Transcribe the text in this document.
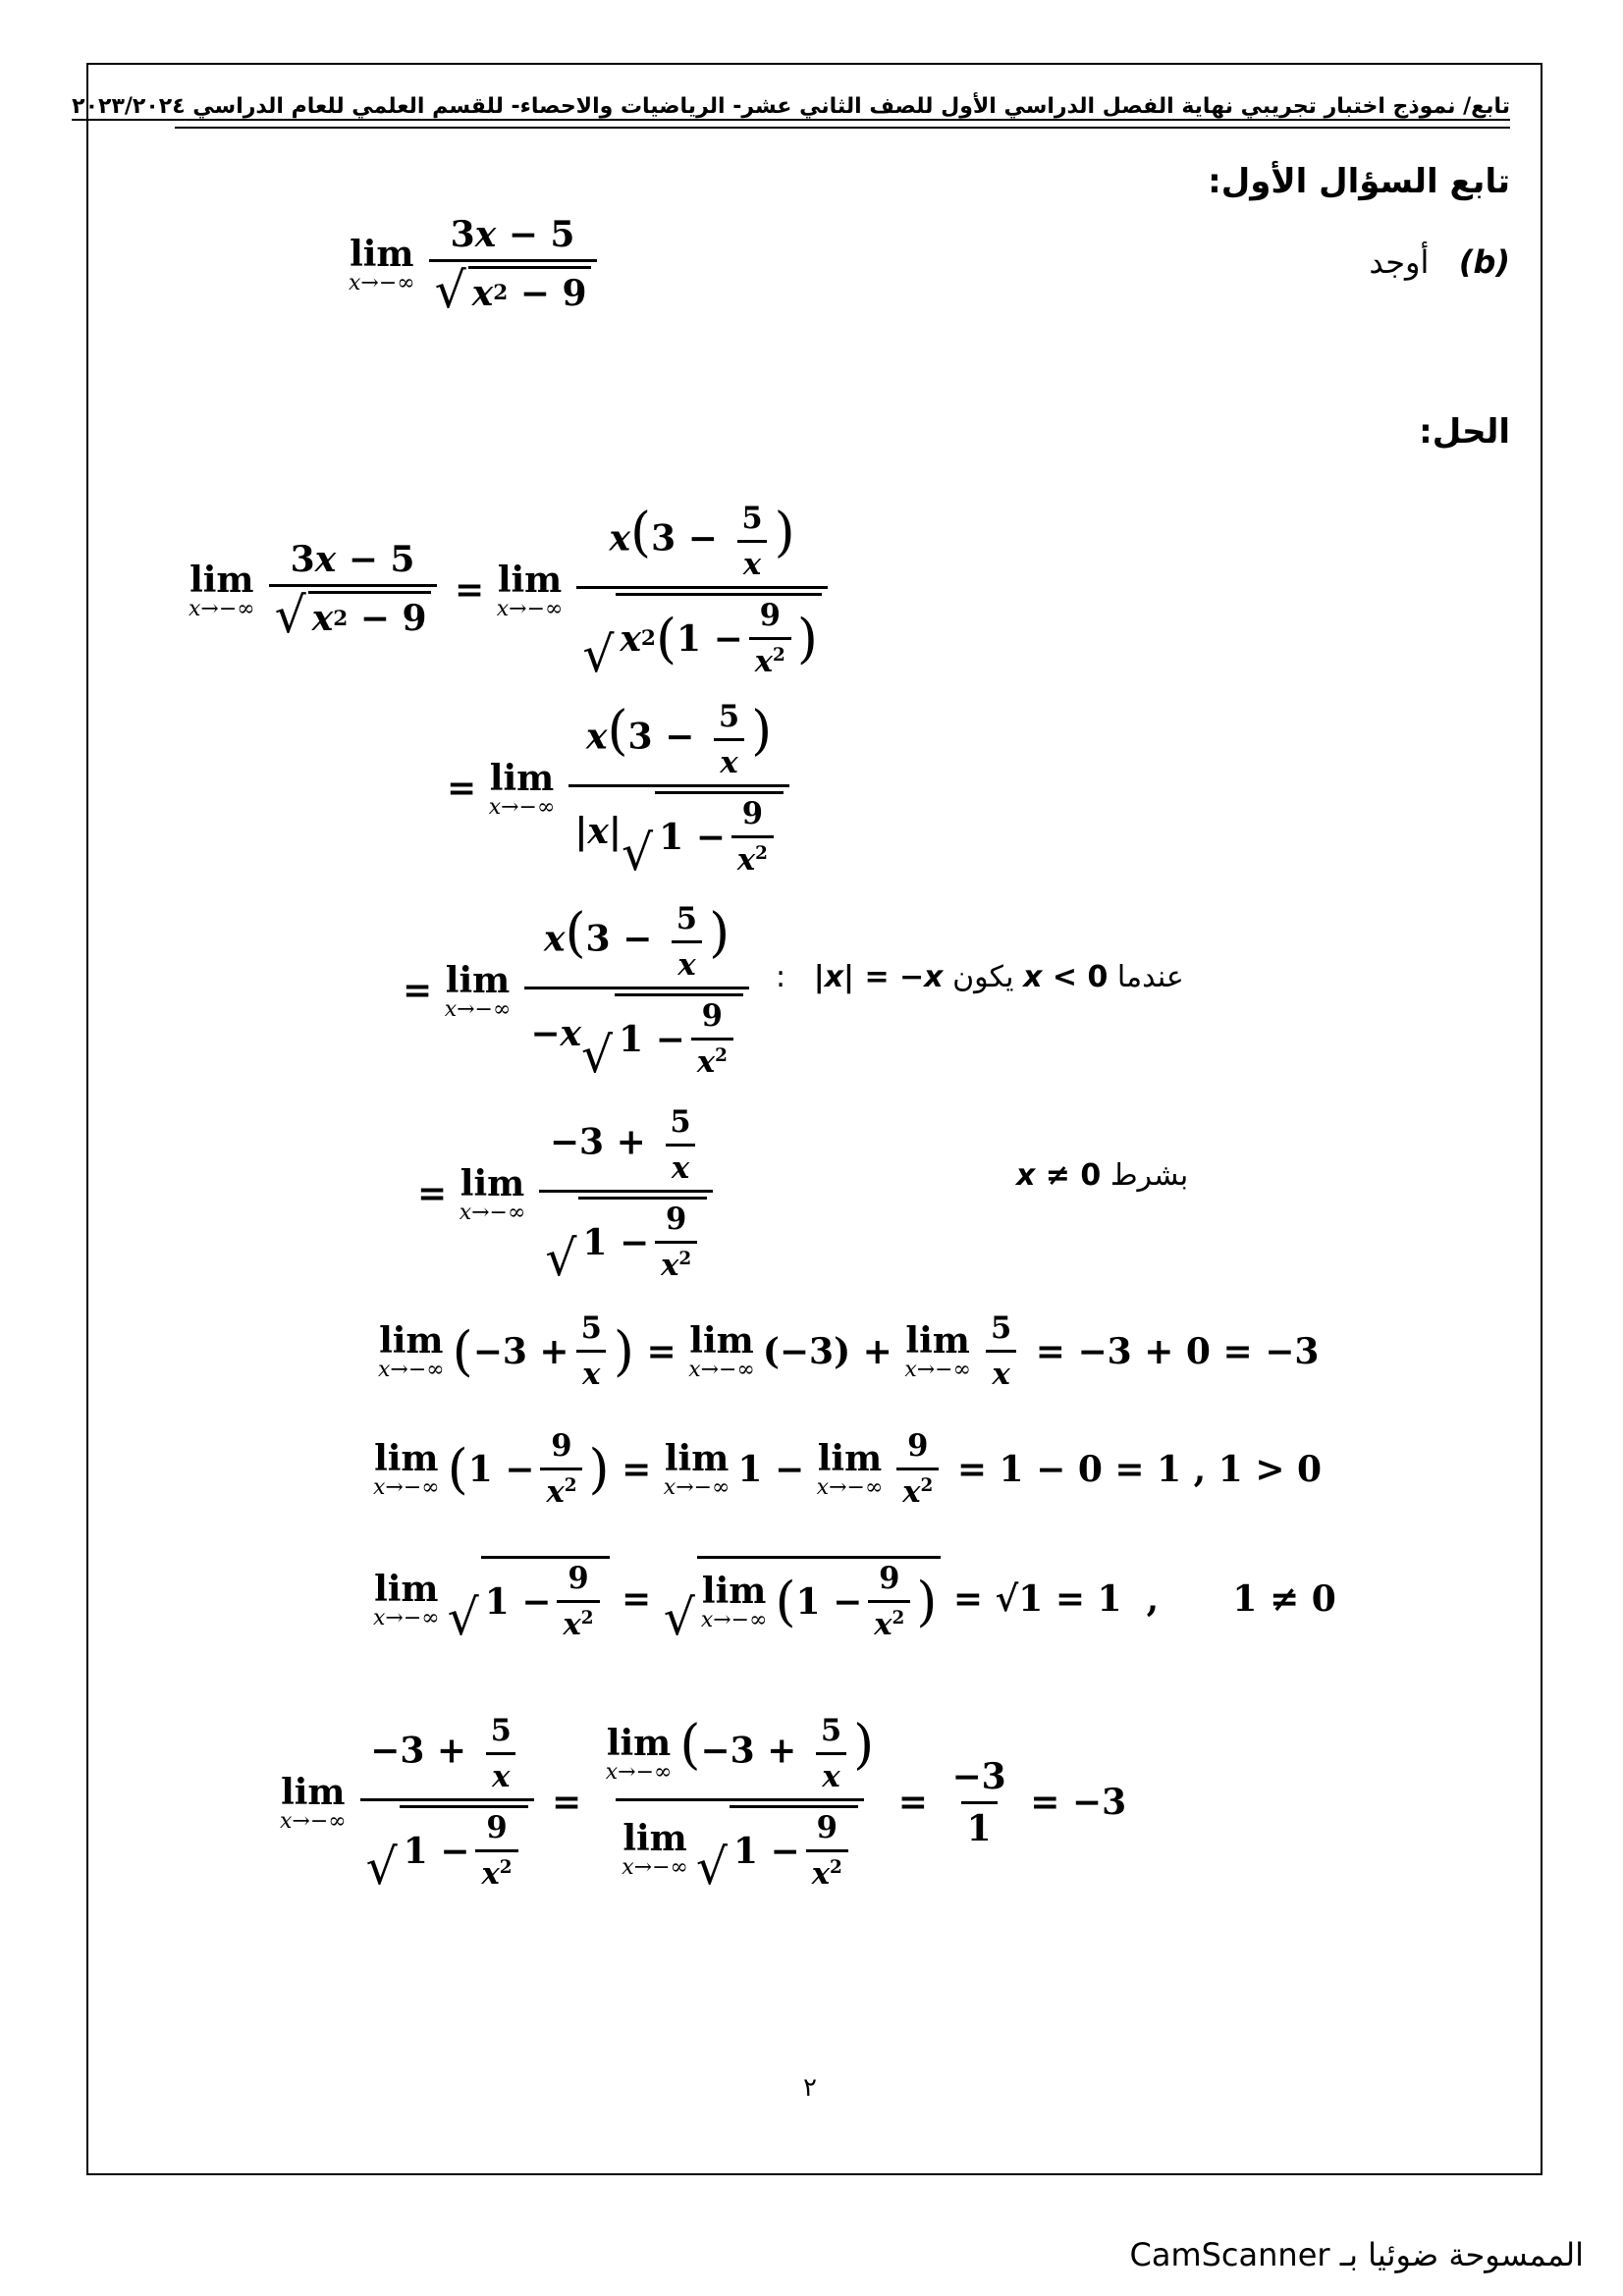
تابع/ نموذج اختبار تجريبي نهاية الفصل الدراسي الأول للصف الثاني عشر- الرياضيات والاحصاء- للقسم العلمي للعام الدراسي ٢٠٢٣/٢٠٢٤
تابع السؤال الأول:
(b)   أوجد
lim
$x\to-\infty \frac{3x - 5}{√ x 2 - 9}$
الحل:
lim
$x\to-\infty \frac{3x - 5}{√ x 2 - 9} = \lim$
$x\to-\infty \frac{x(3 - \frac{5}{x} )}{√ x 2 ( 1 - \frac{9}{x^2} )}$
= lim
$x\to-\infty \frac{x(3 - \frac{5}{x} )}{|x| √ 1 - \frac{9}{x^2}}$
= lim
$x\to-\infty \frac{x(3 - \frac{5}{x} )}{-x √ 1 - \frac{9}{x^2}}$	عندما x < 0 يكون |x| = −x   :
= lim
$x\to-\infty \frac{-3 + \frac{5}{x}}{√ 1 - \frac{9}{x^2}}$	بشرط x ≠ 0
lim
x→−∞ ( $-3 + \frac{5}{x}$ ) = lim
x→−∞ (−3) + lim
$x\to-\infty \frac{5}{x} = -3 + 0 = -3$
lim
x→−∞ ( $1 - \frac{9}{x^2}$ ) = lim
x→−∞ 1 − lim
$x\to-\infty \frac{9}{x^2} = 1 - 0 = 1$ , 1 > 0
lim
x→−∞ √ $1 - \frac{9}{x^2}$ = √ lim
x→−∞ ( $1 - \frac{9}{x^2}$ ) = √1 = 1  ,      1 ≠ 0
lim
$x\to-\infty \frac{-3 + \frac{5}{x}}{√ 1 - \frac{9}{x^2}} = \lim$
x→−∞ ($-3 + \frac{5}{x}$ )
lim
x→−∞ √ $1 - \frac{9}{x^2} = \frac{-3}{1} = -3$
٢
الممسوحة ضوئيا بـ CamScanner
